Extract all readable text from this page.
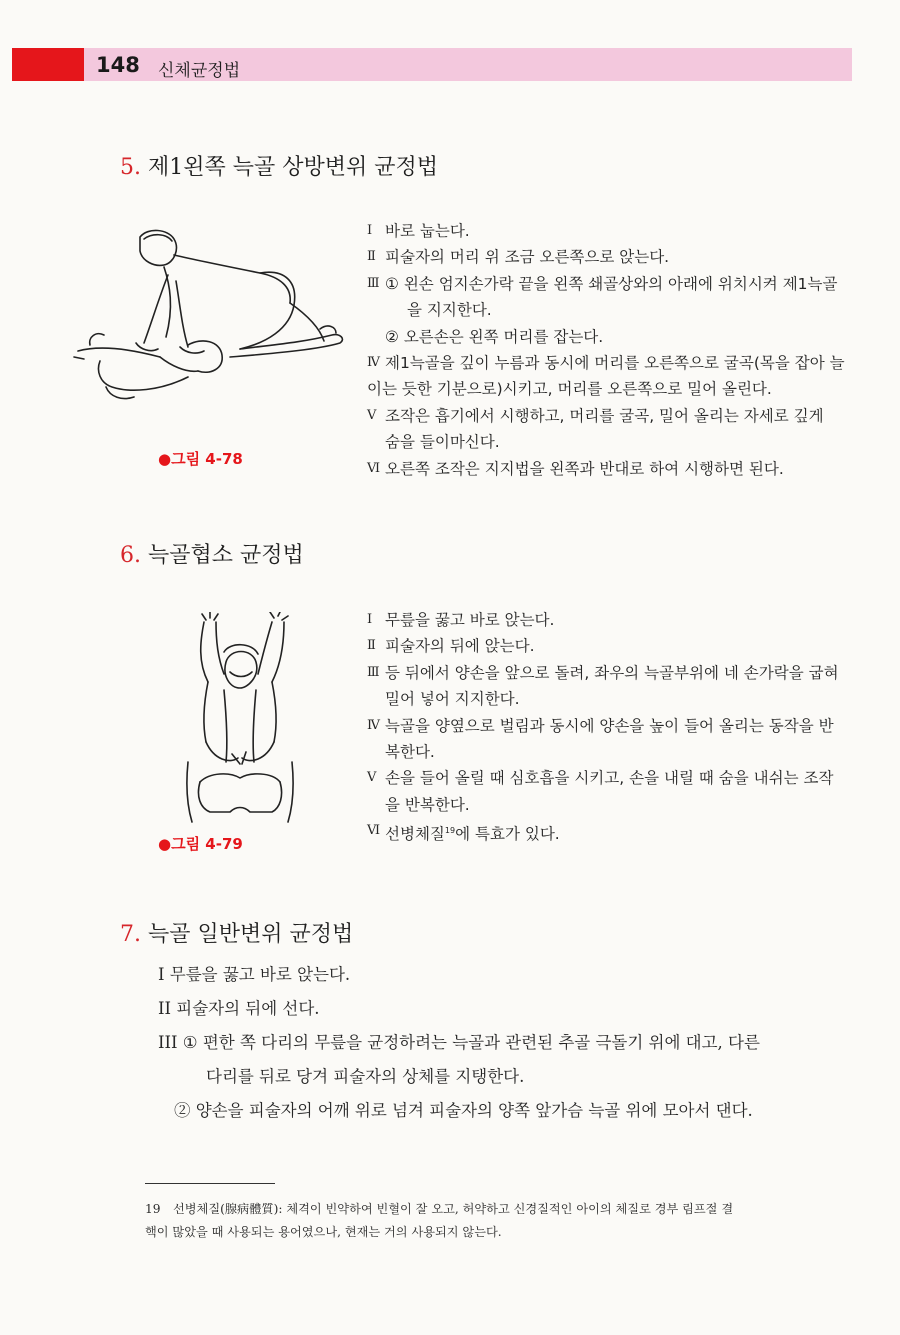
148 신체균정법
5. 제1왼쪽 늑골 상방변위 균정법
●그림 4-78
Ⅰ 바로 눕는다.
Ⅱ 피술자의 머리 위 조금 오른쪽으로 앉는다.
Ⅲ ① 왼손 엄지손가락 끝을 왼쪽 쇄골상와의 아래에 위치시켜 제1늑골
을 지지한다.
② 오른손은 왼쪽 머리를 잡는다.
Ⅳ 제1늑골을 깊이 누름과 동시에 머리를 오른쪽으로 굴곡(목을 잡아 늘
이는 듯한 기분으로)시키고, 머리를 오른쪽으로 밀어 올린다.
Ⅴ 조작은 흡기에서 시행하고, 머리를 굴곡, 밀어 올리는 자세로 깊게
숨을 들이마신다.
Ⅵ 오른쪽 조작은 지지법을 왼쪽과 반대로 하여 시행하면 된다.
6. 늑골협소 균정법
●그림 4-79
Ⅰ 무릎을 꿇고 바로 앉는다.
Ⅱ 피술자의 뒤에 앉는다.
Ⅲ 등 뒤에서 양손을 앞으로 돌려, 좌우의 늑골부위에 네 손가락을 굽혀
밀어 넣어 지지한다.
Ⅳ 늑골을 양옆으로 벌림과 동시에 양손을 높이 들어 올리는 동작을 반
복한다.
Ⅴ 손을 들어 올릴 때 심호흡을 시키고, 손을 내릴 때 숨을 내쉬는 조작
을 반복한다.
Ⅵ 선병체질$^{19}$에 특효가 있다.
7. 늑골 일반변위 균정법
I 무릎을 꿇고 바로 앉는다.
II 피술자의 뒤에 선다.
III ① 편한 쪽 다리의 무릎을 균정하려는 늑골과 관련된 추골 극돌기 위에 대고, 다른
다리를 뒤로 당겨 피술자의 상체를 지탱한다.
② 양손을 피술자의 어깨 위로 넘겨 피술자의 양쪽 앞가슴 늑골 위에 모아서 댄다.
19 선병체질(腺病體質): 체격이 빈약하여 빈혈이 잘 오고, 허약하고 신경질적인 아이의 체질로 경부 림프절 결
핵이 많았을 때 사용되는 용어였으나, 현재는 거의 사용되지 않는다.
